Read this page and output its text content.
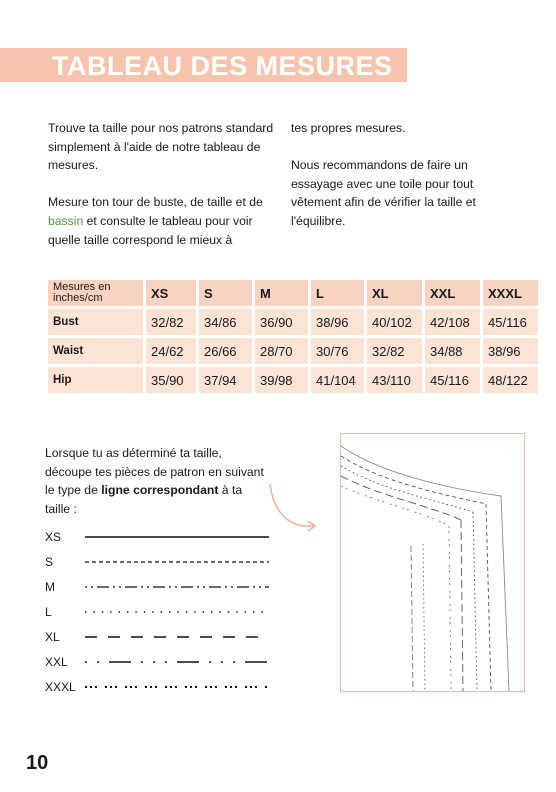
TABLEAU DES MESURES

Trouve ta taille pour nos patrons standard simplement à l'aide de notre tableau de mesures.

Mesure ton tour de buste, de taille et de bassin et consulte le tableau pour voir quelle taille correspond le mieux à

tes propres mesures.

Nous recommandons de faire un essayage avec une toile pour tout vêtement afin de vérifier la taille et l'équilibre.

Mesures en
inches/cm	XS	S	M	L	XL	XXL	XXXL
Bust	32/82	34/86	36/90	38/96	40/102	42/108	45/116
Waist	24/62	26/66	28/70	30/76	32/82	34/88	38/96
Hip	35/90	37/94	39/98	41/104	43/110	45/116	48/122
Lorsque tu as déterminé ta taille, découpe tes pièces de patron en suivant le type de ligne correspondant à ta taille :
XS
S
M
L
XL
XXL
XXXL
10
